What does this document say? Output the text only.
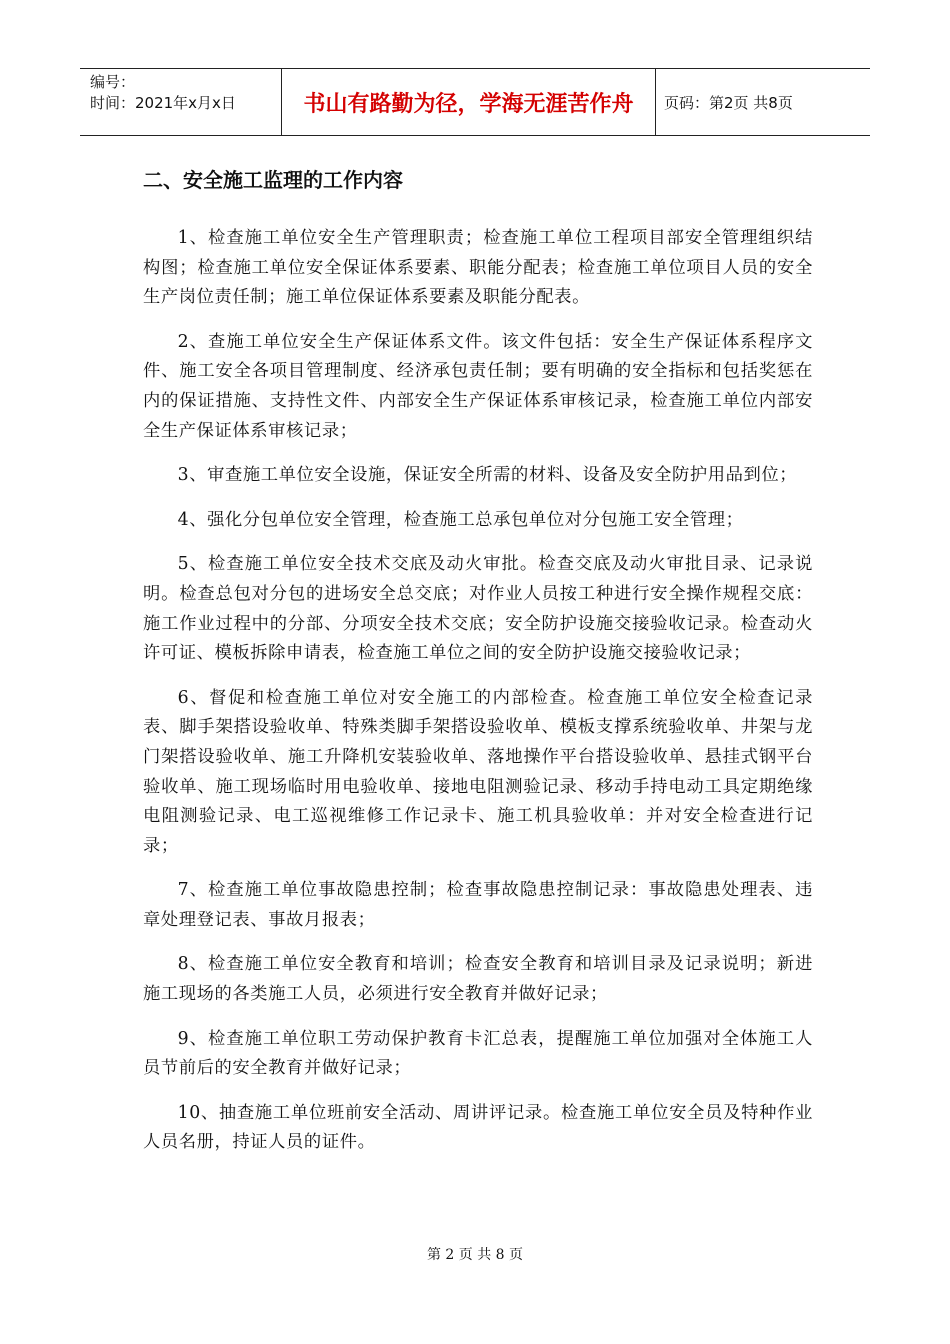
编号：
时间：2021年x月x日	书山有路勤为径，学海无涯苦作舟	页码：第2页 共8页
二、安全施工监理的工作内容

1、检查施工单位安全生产管理职责；检查施工单位工程项目部安全管理组织结构图；检查施工单位安全保证体系要素、职能分配表；检查施工单位项目人员的安全生产岗位责任制；施工单位保证体系要素及职能分配表。

2、查施工单位安全生产保证体系文件。该文件包括：安全生产保证体系程序文件、施工安全各项目管理制度、经济承包责任制；要有明确的安全指标和包括奖惩在内的保证措施、支持性文件、内部安全生产保证体系审核记录，检查施工单位内部安全生产保证体系审核记录；

3、审查施工单位安全设施，保证安全所需的材料、设备及安全防护用品到位；

4、强化分包单位安全管理，检查施工总承包单位对分包施工安全管理；

5、检查施工单位安全技术交底及动火审批。检查交底及动火审批目录、记录说明。检查总包对分包的进场安全总交底；对作业人员按工种进行安全操作规程交底：施工作业过程中的分部、分项安全技术交底；安全防护设施交接验收记录。检查动火许可证、模板拆除申请表，检查施工单位之间的安全防护设施交接验收记录；

6、督促和检查施工单位对安全施工的内部检查。检查施工单位安全检查记录表、脚手架搭设验收单、特殊类脚手架搭设验收单、模板支撑系统验收单、井架与龙门架搭设验收单、施工升降机安装验收单、落地操作平台搭设验收单、悬挂式钢平台验收单、施工现场临时用电验收单、接地电阻测验记录、移动手持电动工具定期绝缘电阻测验记录、电工巡视维修工作记录卡、施工机具验收单：并对安全检查进行记录；

7、检查施工单位事故隐患控制；检查事故隐患控制记录：事故隐患处理表、违章处理登记表、事故月报表；

8、检查施工单位安全教育和培训；检查安全教育和培训目录及记录说明；新进施工现场的各类施工人员，必须进行安全教育并做好记录；

9、检查施工单位职工劳动保护教育卡汇总表，提醒施工单位加强对全体施工人员节前后的安全教育并做好记录；

10、抽查施工单位班前安全活动、周讲评记录。检查施工单位安全员及特种作业人员名册，持证人员的证件。

第 2 页 共 8 页
